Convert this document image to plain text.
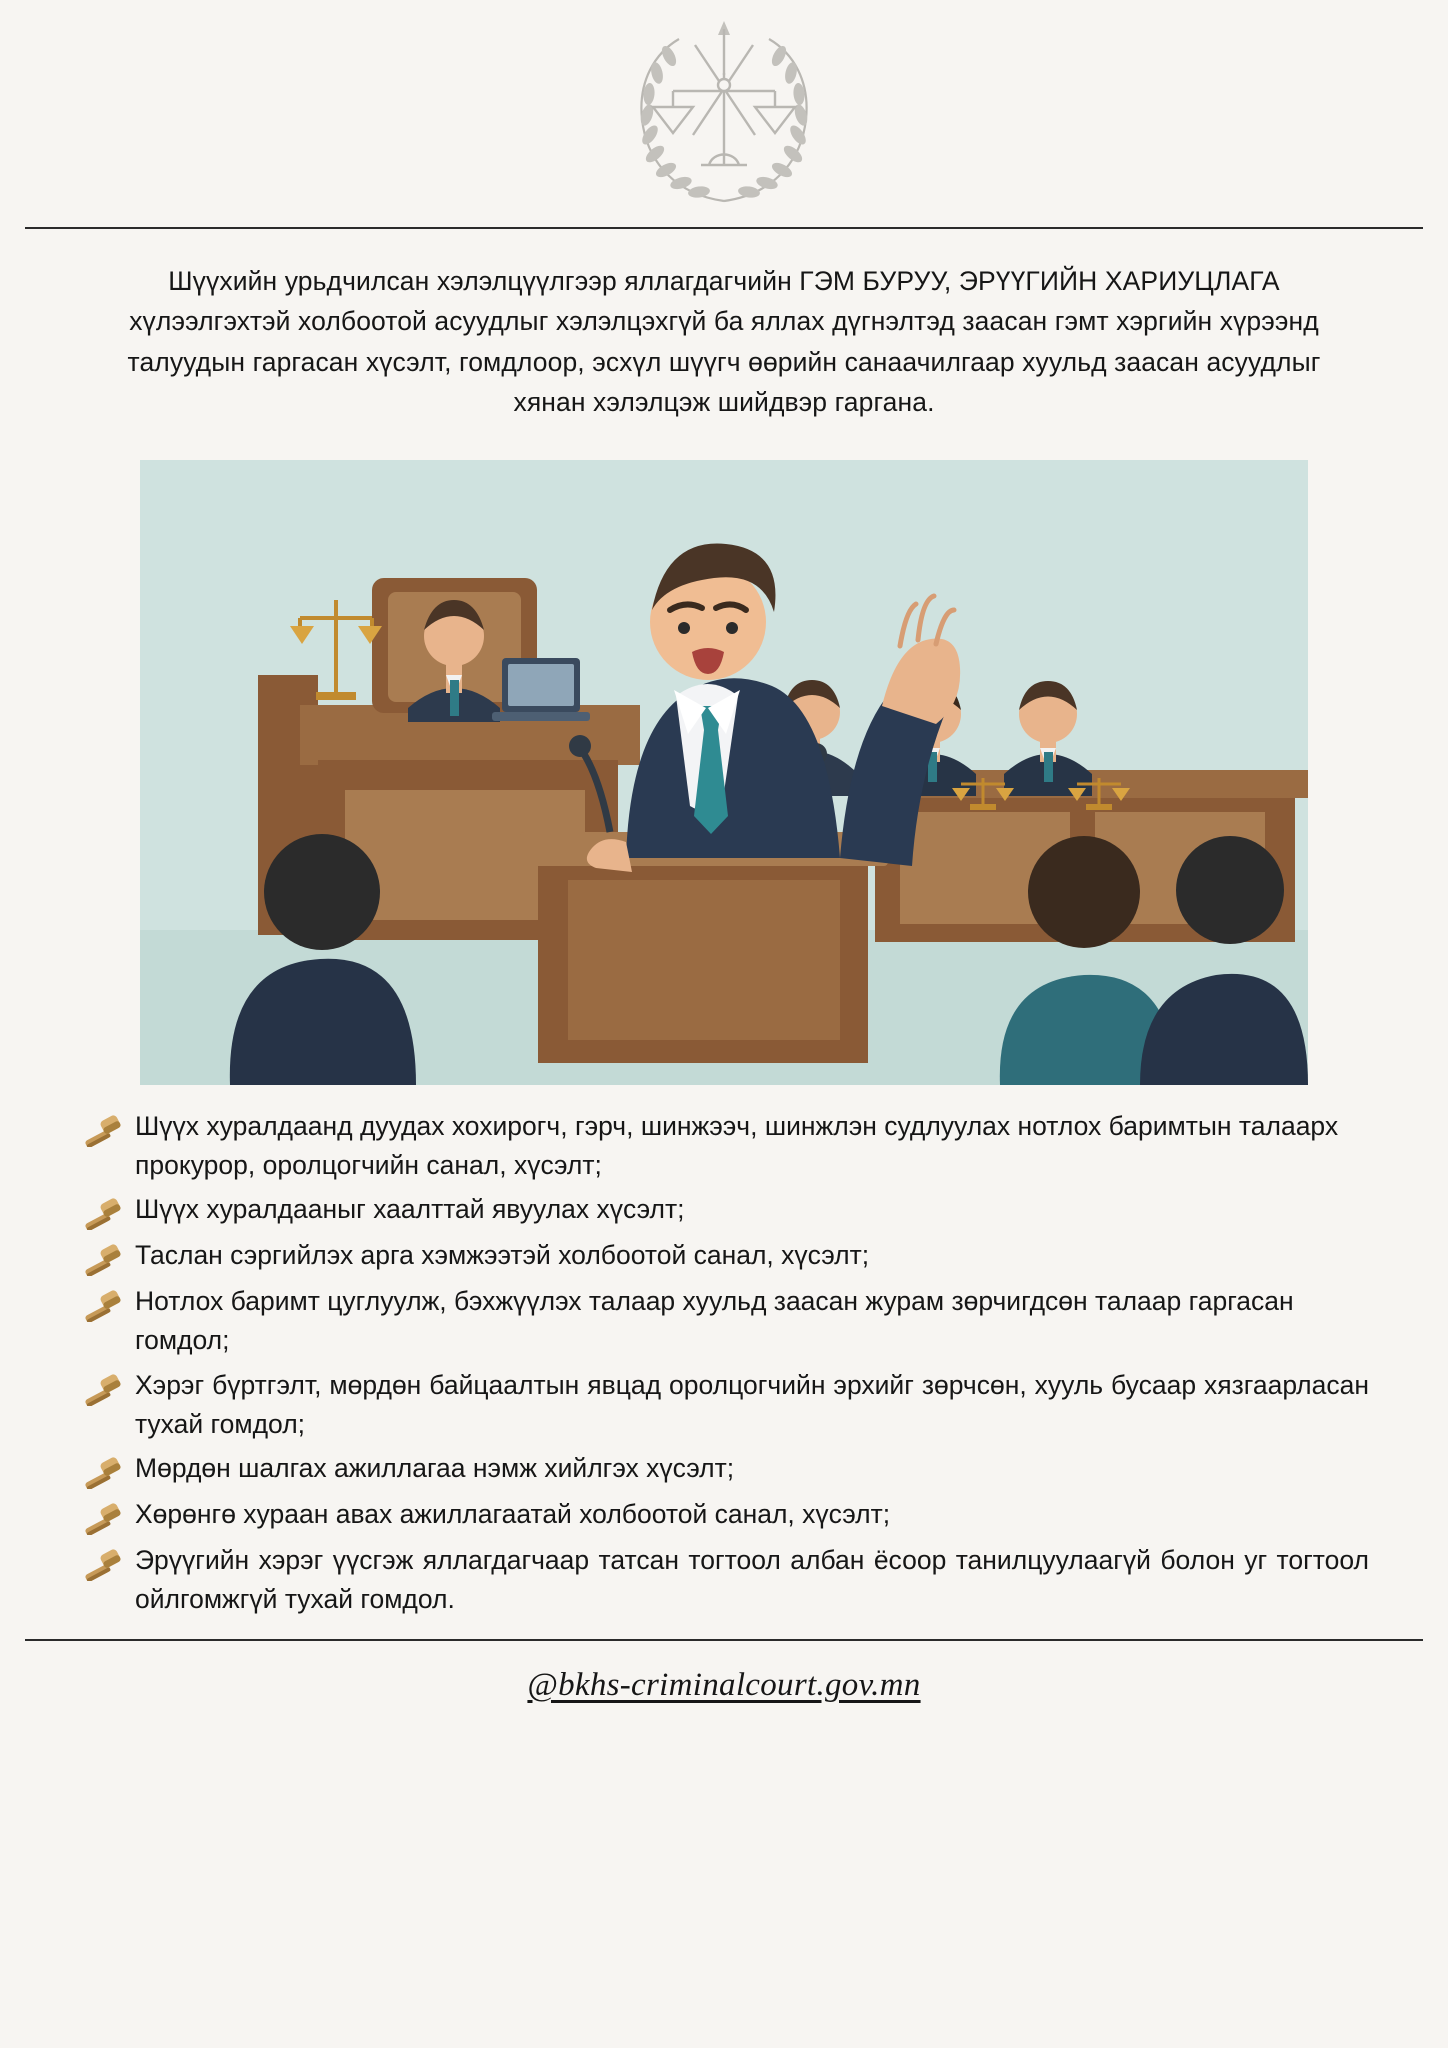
Шүүхийн урьдчилсан хэлэлцүүлгээр яллагдагчийн ГЭМ БУРУУ, ЭРҮҮГИЙН ХАРИУЦЛАГА хүлээлгэхтэй холбоотой асуудлыг хэлэлцэхгүй ба яллах дүгнэлтэд заасан гэмт хэргийн хүрээнд талуудын гаргасан хүсэлт, гомдлоор, эсхүл шүүгч өөрийн санаачилгаар хуульд заасан асуудлыг хянан хэлэлцэж шийдвэр гаргана.

Шүүх хуралдаанд дуудах хохирогч, гэрч, шинжээч, шинжлэн судлуулах нотлох баримтын талаарх прокурор, оролцогчийн санал, хүсэлт;
Шүүх хуралдааныг хаалттай явуулах хүсэлт;
Таслан сэргийлэх арга хэмжээтэй холбоотой санал, хүсэлт;
Нотлох баримт цуглуулж, бэхжүүлэх талаар хуульд заасан журам зөрчигдсөн талаар гаргасан гомдол;
Хэрэг бүртгэлт, мөрдөн байцаалтын явцад оролцогчийн эрхийг зөрчсөн, хууль бусаар хязгаарласан тухай гомдол;
Мөрдөн шалгах ажиллагаа нэмж хийлгэх хүсэлт;
Хөрөнгө хураан авах ажиллагаатай холбоотой санал, хүсэлт;
Эрүүгийн хэрэг үүсгэж яллагдагчаар татсан тогтоол албан ёсоор танилцуулаагүй болон уг тогтоол ойлгомжгүй тухай гомдол.
@bkhs-criminalcourt.gov.mn
